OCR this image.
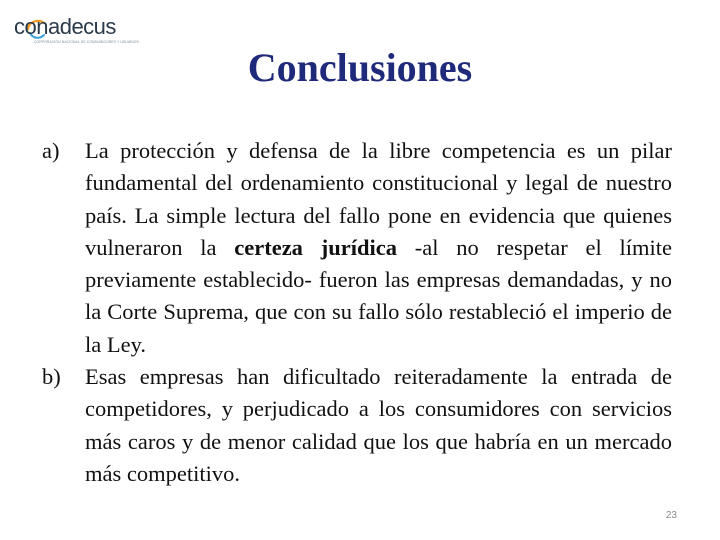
conadecus
CORPORACIÓN NACIONAL DE CONSUMIDORES Y USUARIOS
Conclusiones
a) La protección y defensa de la libre competencia es un pilar fundamental del ordenamiento constitucional y legal de nuestro país. La simple lectura del fallo pone en evidencia que quienes vulneraron la certeza jurídica -al no respetar el límite previamente establecido- fueron las empresas demandadas, y no la Corte Suprema, que con su fallo sólo restableció el imperio de la Ley.
b) Esas empresas han dificultado reiteradamente la entrada de competidores, y perjudicado a los consumidores con servicios más caros y de menor calidad que los que habría en un mercado más competitivo.
23
